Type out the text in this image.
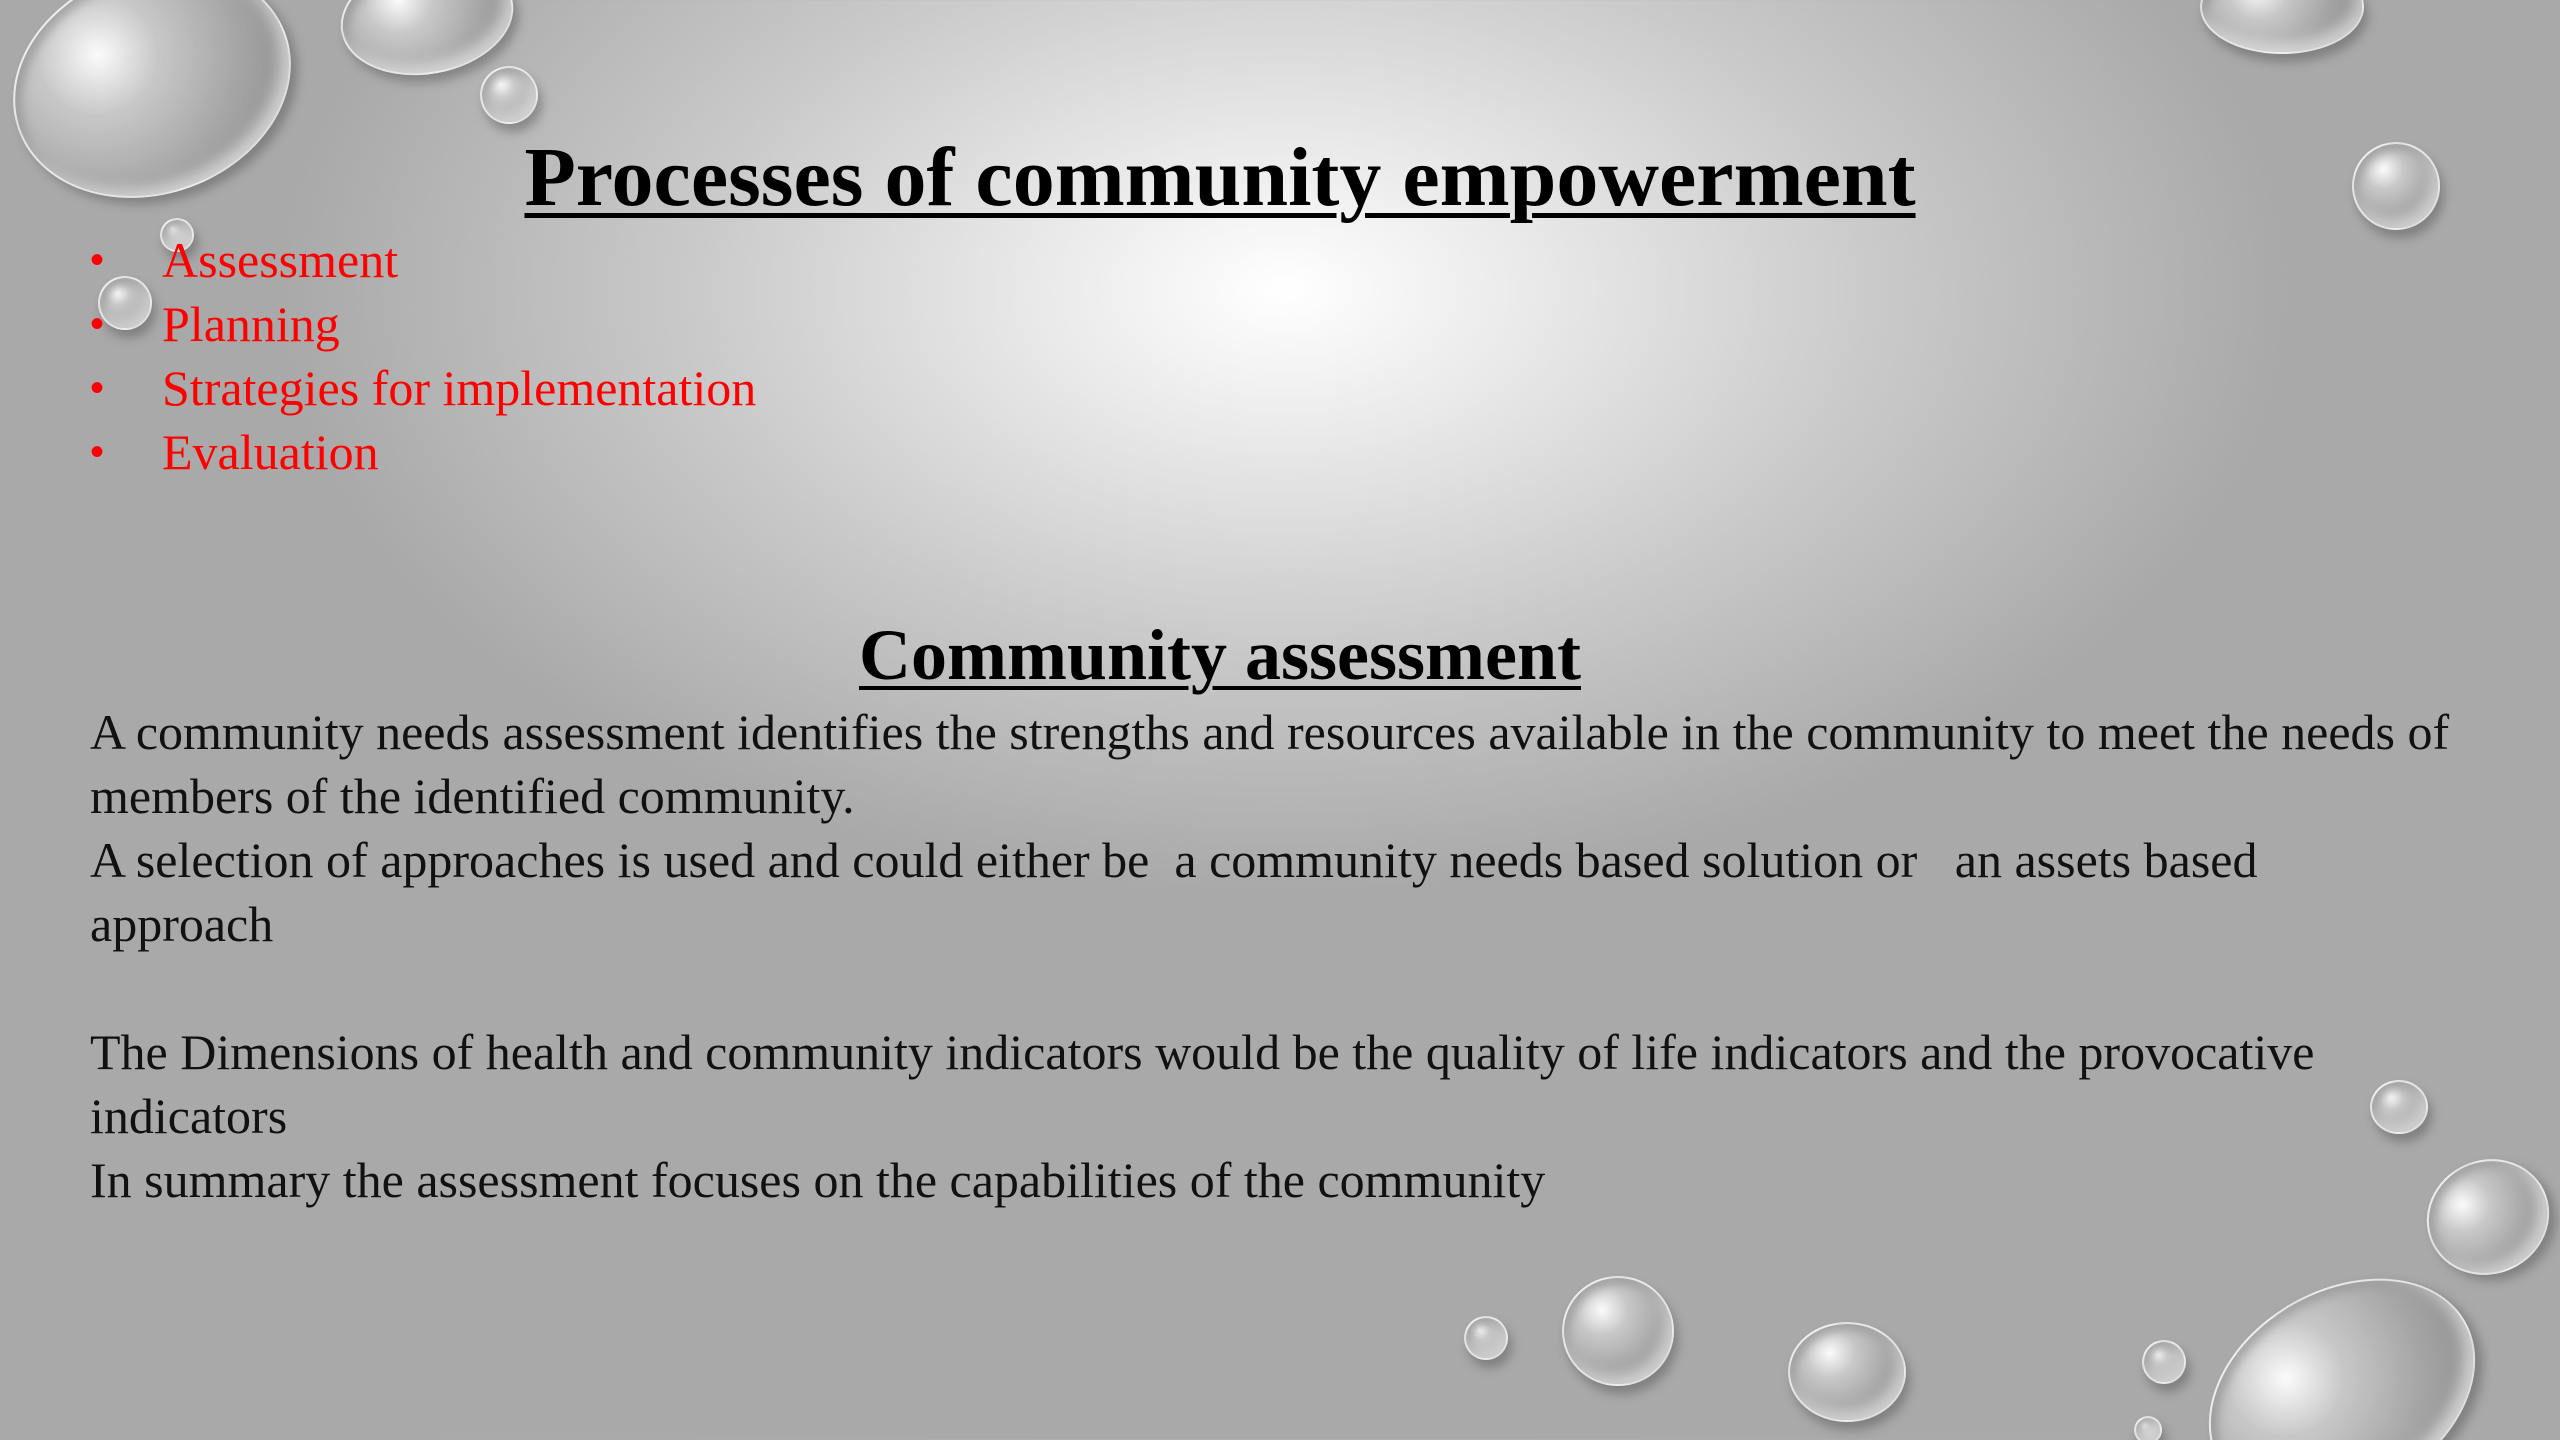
Processes of community empowerment
• Assessment
• Planning
• Strategies for implementation
• Evaluation
Community assessment

A community needs assessment identifies the strengths and resources available in the community to meet the needs of members of the identified community.

A selection of approaches is used and could either be  a community needs based solution or   an assets based approach

The Dimensions of health and community indicators would be the quality of life indicators and the provocative indicators

In summary the assessment focuses on the capabilities of the community
